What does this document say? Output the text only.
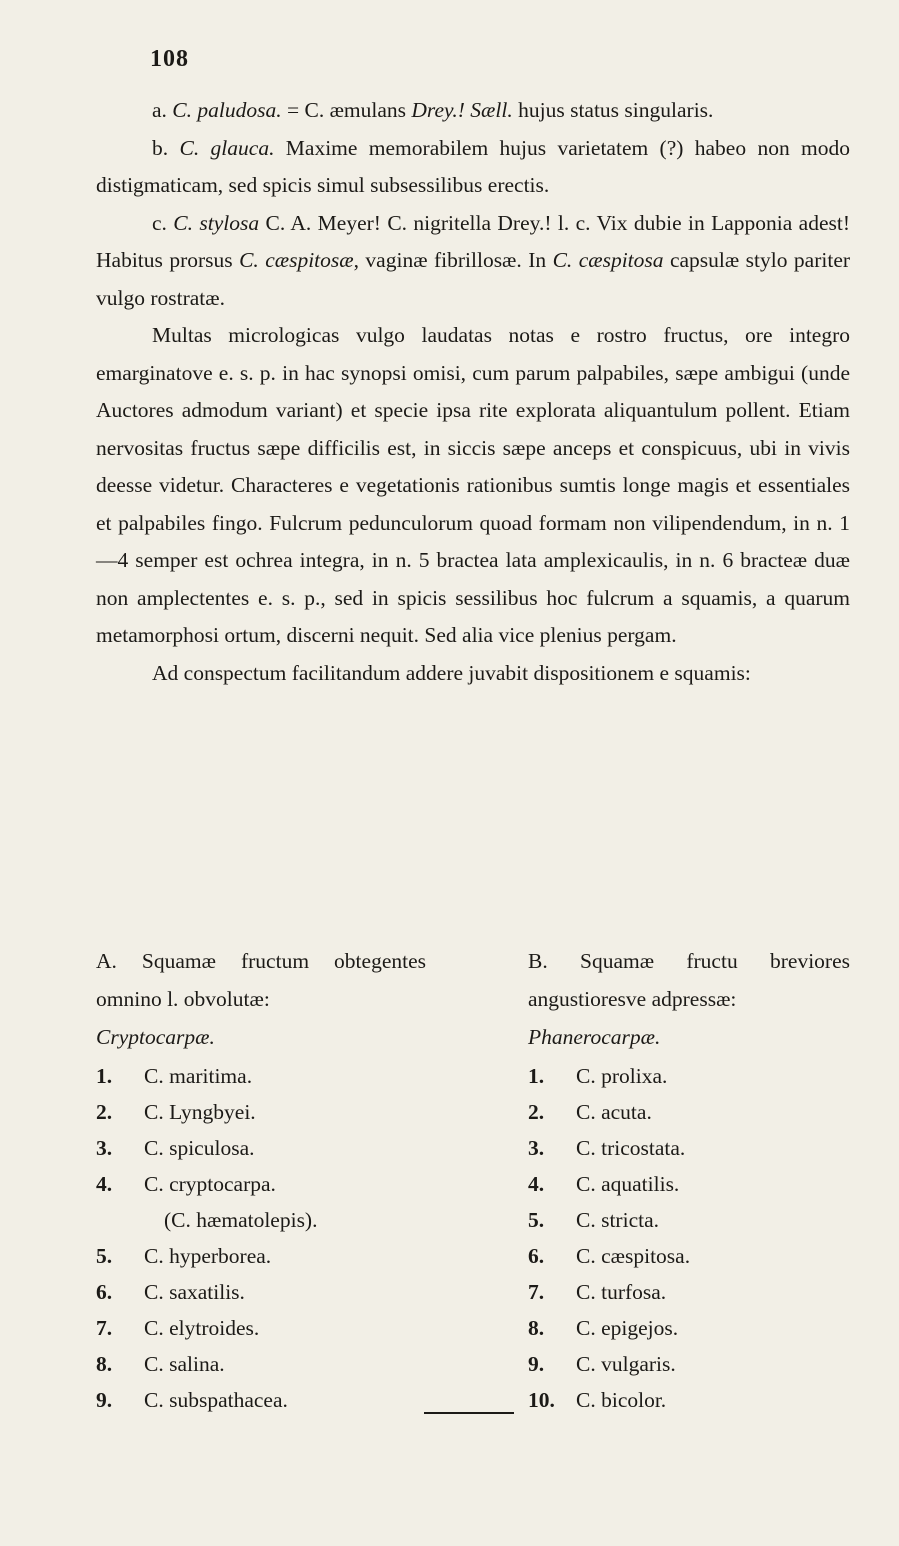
108

a. C. paludosa. = C. æmulans Drey.! Sæll. hujus status singularis.

b. C. glauca. Maxime memorabilem hujus varietatem (?) habeo non modo distigmaticam, sed spicis simul subsessilibus erectis.

c. C. stylosa C. A. Meyer! C. nigritella Drey.! l. c. Vix dubie in Lapponia adest! Habitus prorsus C. cæspitosæ, vaginæ fibrillosæ. In C. cæspitosa capsulæ stylo pariter vulgo rostratæ.

Multas micrologicas vulgo laudatas notas e rostro fructus, ore integro emarginatove e. s. p. in hac synopsi omisi, cum parum palpabiles, sæpe ambigui (unde Auctores admodum variant) et specie ipsa rite explorata aliquantulum pollent. Etiam nervositas fructus sæpe difficilis est, in siccis sæpe anceps et conspicuus, ubi in vivis deesse videtur. Characteres e vegetationis rationibus sumtis longe magis et essentiales et palpabiles fingo. Fulcrum pedunculorum quoad formam non vilipendendum, in n. 1—4 semper est ochrea integra, in n. 5 bractea lata amplexicaulis, in n. 6 bracteæ duæ non amplectentes e. s. p., sed in spicis sessilibus hoc fulcrum a squamis, a quarum metamorphosi ortum, discerni nequit. Sed alia vice plenius pergam.

Ad conspectum facilitandum addere juvabit dispositionem e squamis:

A. Squamæ fructum obtegentes omnino l. obvolutæ:

Cryptocarpæ.

1. C. maritima.
2. C. Lyngbyei.
3. C. spiculosa.
4. C. cryptocarpa.
(C. hæmatolepis).
5. C. hyperborea.
6. C. saxatilis.
7. C. elytroides.
8. C. salina.
9. C. subspathacea.

B. Squamæ fructu breviores angustioresve adpressæ:

Phanerocarpæ.

1. C. prolixa.
2. C. acuta.
3. C. tricostata.
4. C. aquatilis.
5. C. stricta.
6. C. cæspitosa.
7. C. turfosa.
8. C. epigejos.
9. C. vulgaris.
10. C. bicolor.
